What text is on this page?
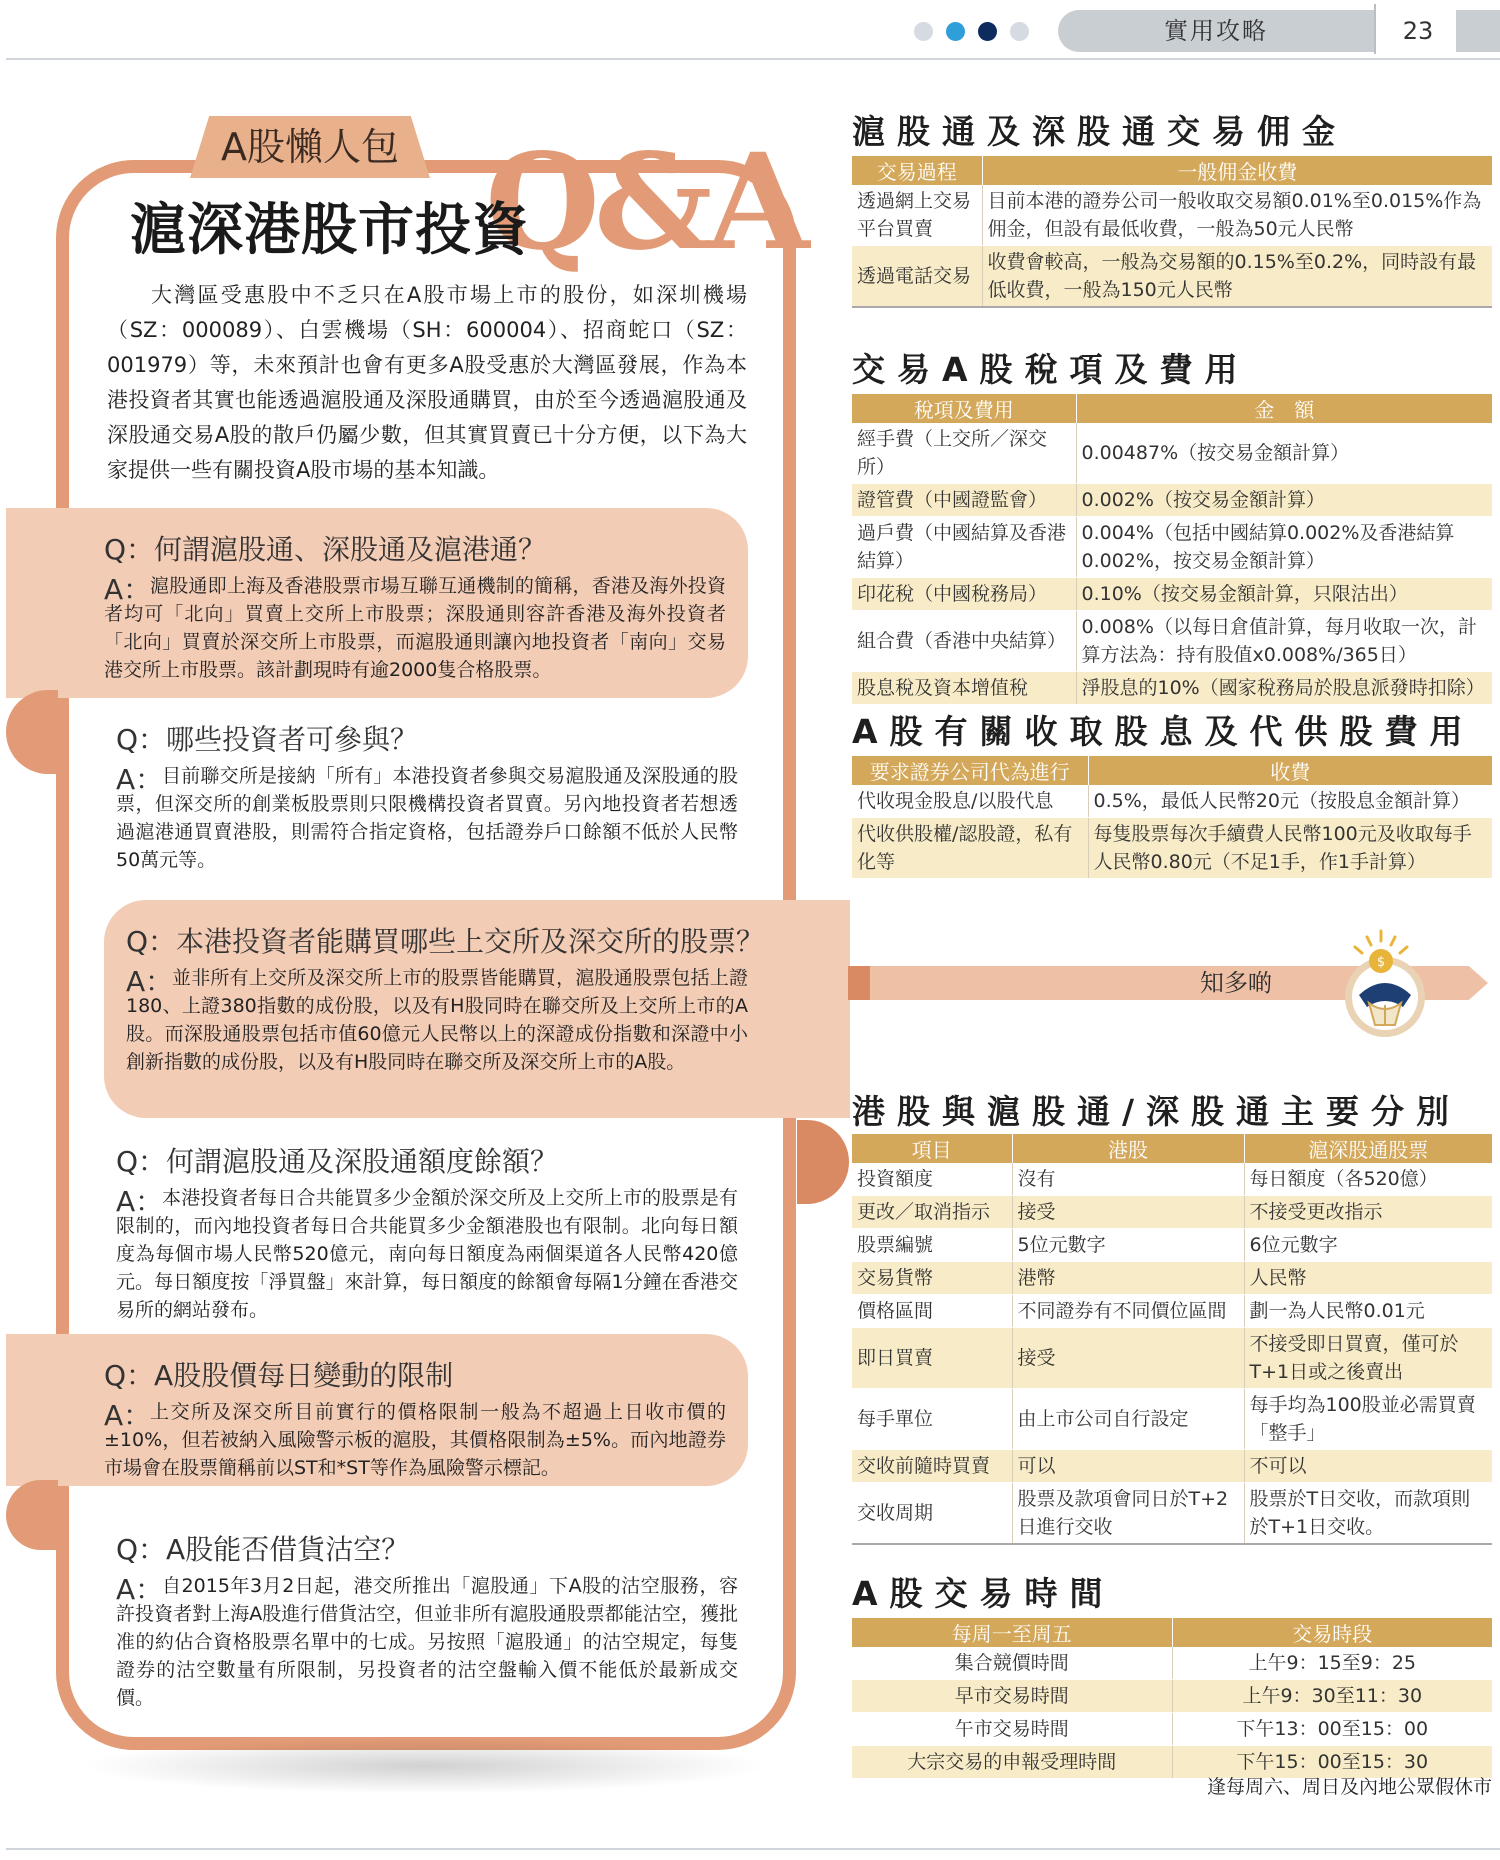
實用攻略	23
A股懶人包 Q&A
滬深港股市投資
大灣區受惠股中不乏只在A股市場上市的股份，如深圳機場（SZ：000089）、白雲機場（SH：600004）、招商蛇口（SZ：001979）等，未來預計也會有更多A股受惠於大灣區發展，作為本港投資者其實也能透過滬股通及深股通購買，由於至今透過滬股通及深股通交易A股的散戶仍屬少數，但其實買賣已十分方便，以下為大家提供一些有關投資A股市場的基本知識。
Q：何謂滬股通、深股通及滬港通？
A：
滬股通即上海及香港股票市場互聯互通機制的簡稱，香港及海外投資者均可「北向」買賣上交所上市股票；深股通則容許香港及海外投資者「北向」買賣於深交所上市股票，而滬股通則讓內地投資者「南向」交易港交所上市股票。該計劃現時有逾2000隻合格股票。
Q：哪些投資者可參與？
A：
目前聯交所是接納「所有」本港投資者參與交易滬股通及深股通的股票，但深交所的創業板股票則只限機構投資者買賣。另內地投資者若想透過滬港通買賣港股，則需符合指定資格，包括證券戶口餘額不低於人民幣50萬元等。
Q：本港投資者能購買哪些上交所及深交所的股票？
A：
並非所有上交所及深交所上市的股票皆能購買，滬股通股票包括上證180、上證380指數的成份股，以及有H股同時在聯交所及上交所上市的A股。而深股通股票包括市值60億元人民幣以上的深證成份指數和深證中小創新指數的成份股，以及有H股同時在聯交所及深交所上市的A股。
Q：何謂滬股通及深股通額度餘額？
A：
本港投資者每日合共能買多少金額於深交所及上交所上市的股票是有限制的，而內地投資者每日合共能買多少金額港股也有限制。北向每日額度為每個市場人民幣520億元，南向每日額度為兩個渠道各人民幣420億元。每日額度按「淨買盤」來計算，每日額度的餘額會每隔1分鐘在香港交易所的網站發布。
Q：A股股價每日變動的限制
A：
上交所及深交所目前實行的價格限制一般為不超過上日收市價的±10%，但若被納入風險警示板的滬股，其價格限制為±5%。而內地證券市場會在股票簡稱前以ST和*ST等作為風險警示標記。
Q：A股能否借貨沽空？
A：
自2015年3月2日起，港交所推出「滬股通」下A股的沽空服務，容許投資者對上海A股進行借貨沽空，但並非所有滬股通股票都能沽空，獲批准的約佔合資格股票名單中的七成。另按照「滬股通」的沽空規定，每隻證券的沽空數量有所限制，另投資者的沽空盤輸入價不能低於最新成交價。
滬股通及深股通交易佣金
交易過程	一般佣金收費
透過網上交易平台買賣	目前本港的證券公司一般收取交易額0.01%至0.015%作為佣金，但設有最低收費，一般為50元人民幣
透過電話交易	收費會較高，一般為交易額的0.15%至0.2%，同時設有最低收費，一般為150元人民幣
交易A股稅項及費用
稅項及費用	金　額
經手費（上交所／深交所）	0.00487%（按交易金額計算）
證管費（中國證監會）	0.002%（按交易金額計算）
過戶費（中國結算及香港結算）	0.004%（包括中國結算0.002%及香港結算0.002%，按交易金額計算）
印花稅（中國稅務局）	0.10%（按交易金額計算，只限沽出）
組合費（香港中央結算）	0.008%（以每日倉值計算，每月收取一次，計算方法為：持有股值x0.008%/365日）
股息稅及資本增值稅	淨股息的10%（國家稅務局於股息派發時扣除）
A股有關收取股息及代供股費用
要求證券公司代為進行	收費
代收現金股息/以股代息	0.5%，最低人民幣20元（按股息金額計算）
代收供股權/認股證，私有化等	每隻股票每次手續費人民幣100元及收取每手人民幣0.80元（不足1手，作1手計算）
知多啲
$
港股與滬股通/深股通主要分別
項目	港股	滬深股通股票
投資額度	沒有	每日額度（各520億）
更改／取消指示	接受	不接受更改指示
股票編號	5位元數字	6位元數字
交易貨幣	港幣	人民幣
價格區間	不同證券有不同價位區間	劃一為人民幣0.01元
即日買賣	接受	不接受即日買賣，僅可於T+1日或之後賣出
每手單位	由上市公司自行設定	每手均為100股並必需買賣「整手」
交收前隨時買賣	可以	不可以
交收周期	股票及款項會同日於T+2日進行交收	股票於T日交收，而款項則於T+1日交收。
A股交易時間
每周一至周五	交易時段
集合競價時間	上午9：15至9：25
早市交易時間	上午9：30至11：30
午市交易時間	下午13：00至15：00
大宗交易的申報受理時間	下午15：00至15：30
逢每周六、周日及內地公眾假休市
